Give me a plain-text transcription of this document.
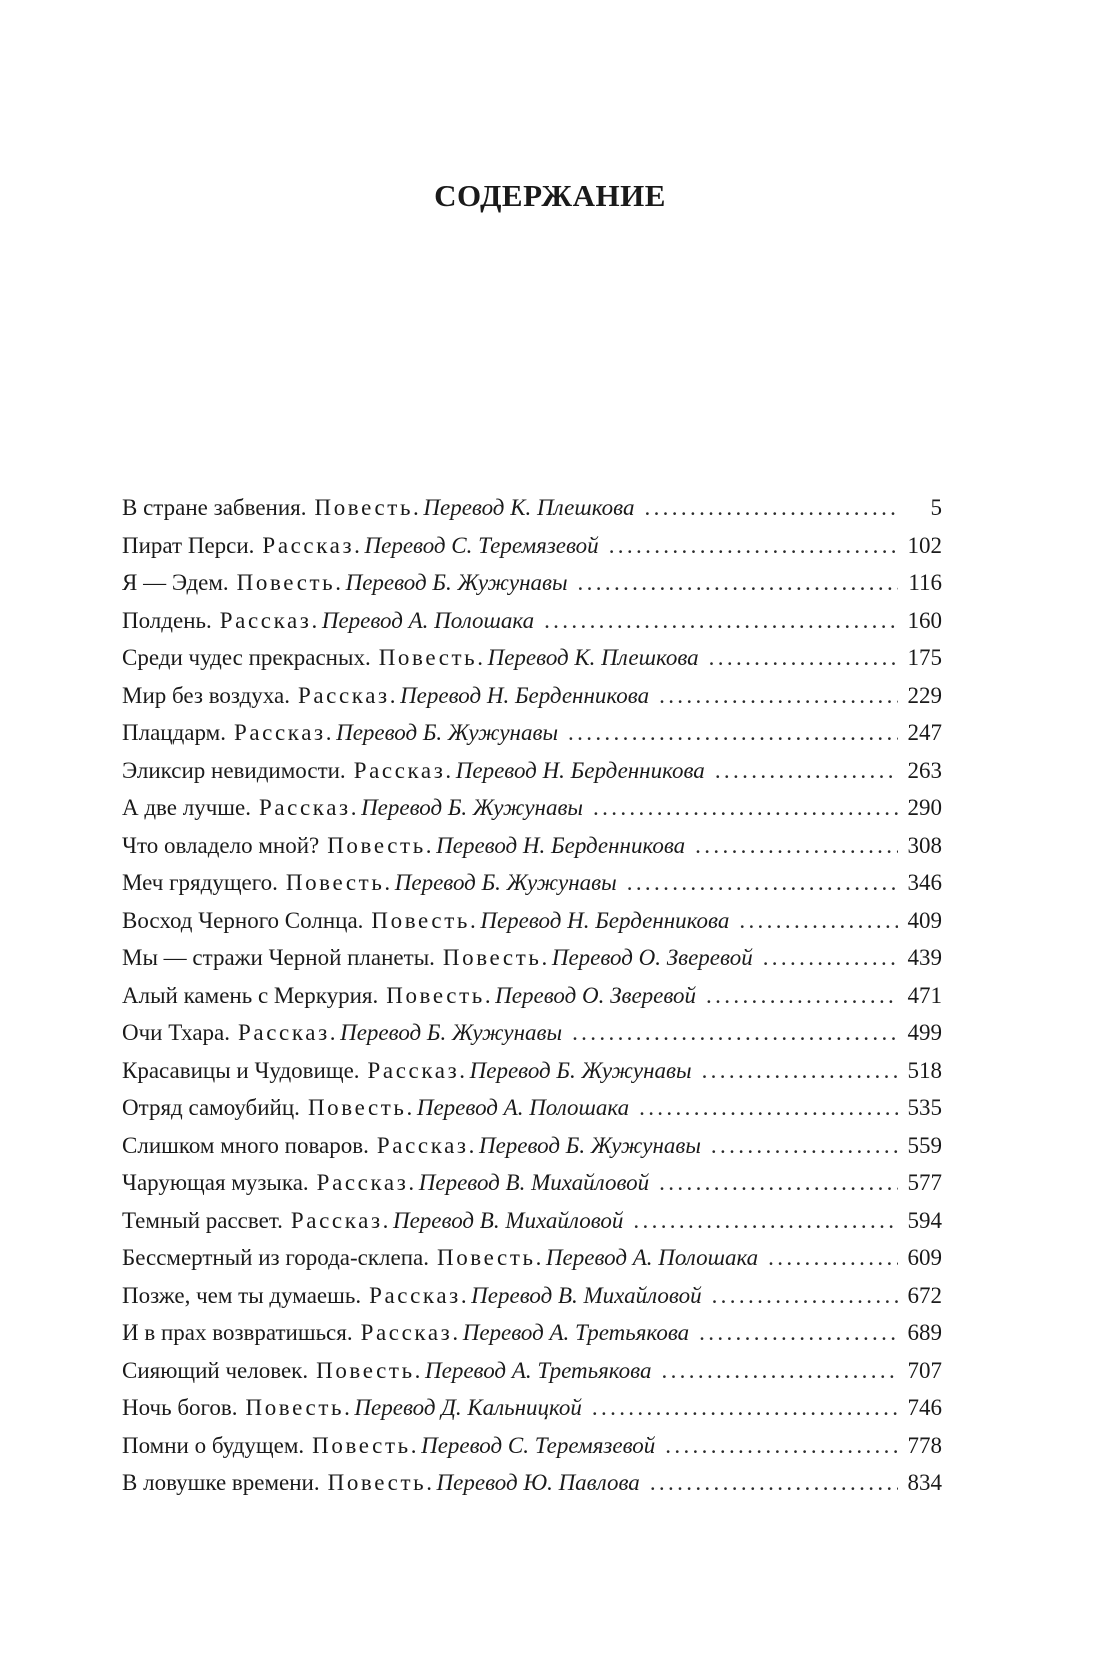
СОДЕРЖАНИЕ
В стране забвения. Повесть. Перевод К. Плешкова . . .	5
Пират Перси. Рассказ. Перевод С. Теремязевой . . .	102
Я — Эдем. Повесть. Перевод Б. Жужунавы . . .	116
Полдень. Рассказ. Перевод А. Полошака . . .	160
Среди чудес прекрасных. Повесть. Перевод К. Плешкова . . .	175
Мир без воздуха. Рассказ. Перевод Н. Берденникова . . .	229
Плацдарм. Рассказ. Перевод Б. Жужунавы . . .	247
Эликсир невидимости. Рассказ. Перевод Н. Берденникова . . .	263
А две лучше. Рассказ. Перевод Б. Жужунавы . . .	290
Что овладело мной? Повесть. Перевод Н. Берденникова . . .	308
Меч грядущего. Повесть. Перевод Б. Жужунавы . . .	346
Восход Черного Солнца. Повесть. Перевод Н. Берденникова . . .	409
Мы — стражи Черной планеты. Повесть. Перевод О. Зверевой . . .	439
Алый камень с Меркурия. Повесть. Перевод О. Зверевой . . .	471
Очи Тхара. Рассказ. Перевод Б. Жужунавы . . .	499
Красавицы и Чудовище. Рассказ. Перевод Б. Жужунавы . . .	518
Отряд самоубийц. Повесть. Перевод А. Полошака . . .	535
Слишком много поваров. Рассказ. Перевод Б. Жужунавы . . .	559
Чарующая музыка. Рассказ. Перевод В. Михайловой . . .	577
Темный рассвет. Рассказ. Перевод В. Михайловой . . .	594
Бессмертный из города-склепа. Повесть. Перевод А. Полошака . . .	609
Позже, чем ты думаешь. Рассказ. Перевод В. Михайловой . . .	672
И в прах возвратишься. Рассказ. Перевод А. Третьякова . . .	689
Сияющий человек. Повесть. Перевод А. Третьякова . . .	707
Ночь богов. Повесть. Перевод Д. Кальницкой . . .	746
Помни о будущем. Повесть. Перевод С. Теремязевой . . .	778
В ловушке времени. Повесть. Перевод Ю. Павлова . . .	834
